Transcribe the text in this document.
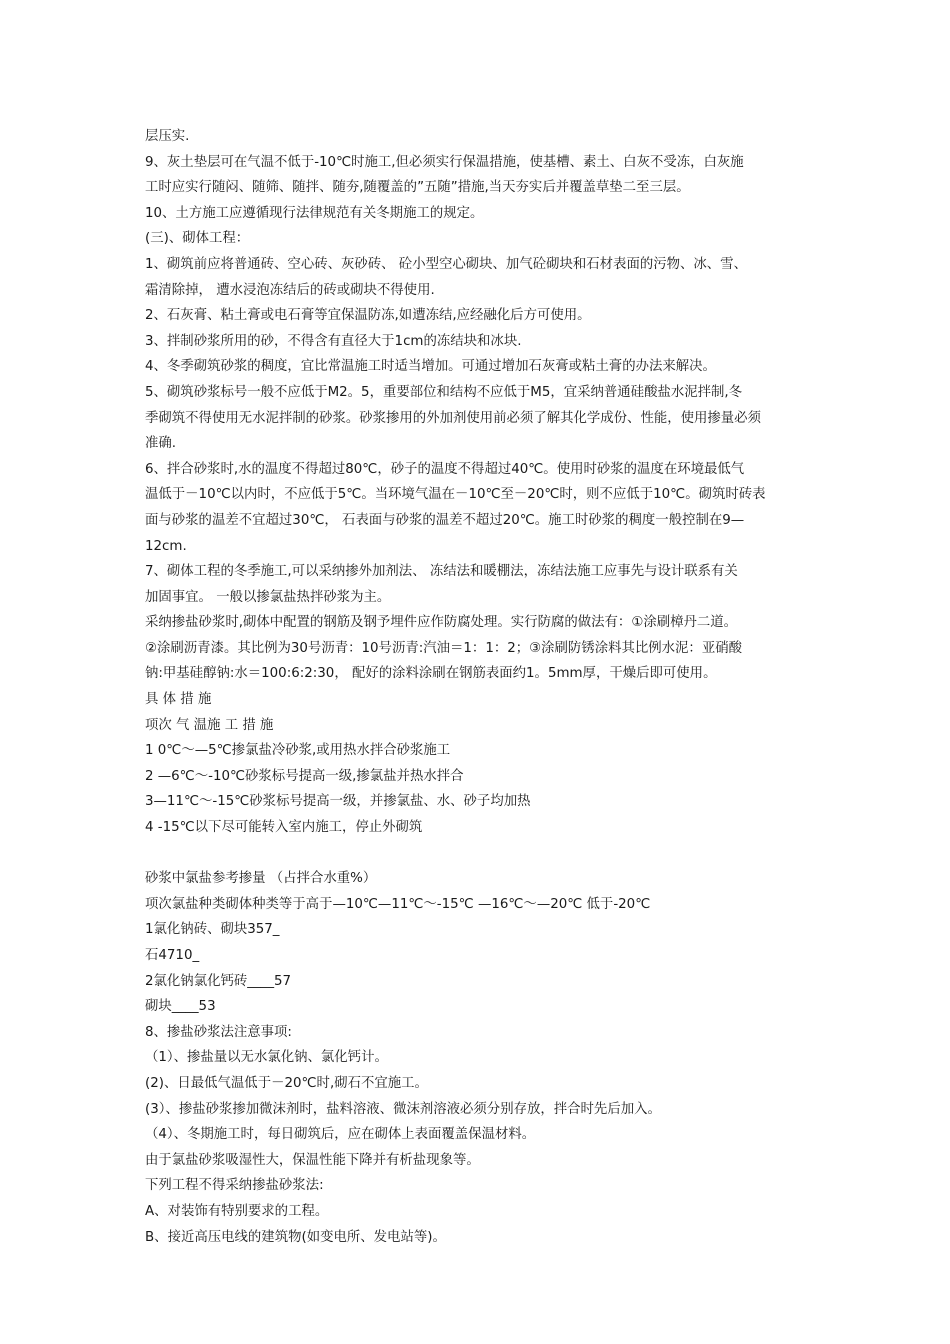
层压实.
9、灰土垫层可在气温不低于-10℃时施工,但必须实行保温措施，使基槽、素土、白灰不受冻，白灰施
工时应实行随闷、随筛、随拌、随夯,随覆盖的”五随”措施,当天夯实后并覆盖草垫二至三层。
10、土方施工应遵循现行法律规范有关冬期施工的规定。
(三)、砌体工程：
1、砌筑前应将普通砖、空心砖、灰砂砖、 砼小型空心砌块、加气砼砌块和石材表面的污物、冰、雪、
霜清除掉， 遭水浸泡冻结后的砖或砌块不得使用.
2、石灰膏、粘土膏或电石膏等宜保温防冻,如遭冻结,应经融化后方可使用。
3、拌制砂浆所用的砂，不得含有直径大于1cm的冻结块和冰块.
4、冬季砌筑砂浆的稠度，宜比常温施工时适当增加。可通过增加石灰膏或粘土膏的办法来解决。
5、砌筑砂浆标号一般不应低于M2。5，重要部位和结构不应低于M5，宜采纳普通硅酸盐水泥拌制,冬
季砌筑不得使用无水泥拌制的砂浆。砂浆掺用的外加剂使用前必须了解其化学成份、性能，使用掺量必须
准确.
6、拌合砂浆时,水的温度不得超过80℃，砂子的温度不得超过40℃。使用时砂浆的温度在环境最低气
温低于－10℃以内时，不应低于5℃。当环境气温在－10℃至－20℃时，则不应低于10℃。砌筑时砖表
面与砂浆的温差不宜超过30℃， 石表面与砂浆的温差不超过20℃。施工时砂浆的稠度一般控制在9—
12cm.
7、砌体工程的冬季施工,可以采纳掺外加剂法、 冻结法和暖棚法，冻结法施工应事先与设计联系有关
加固事宜。 一般以掺氯盐热拌砂浆为主。
采纳掺盐砂浆时,砌体中配置的钢筋及钢予埋件应作防腐处理。实行防腐的做法有：①涂刷樟丹二道。
②涂刷沥青漆。其比例为30号沥青：10号沥青:汽油＝1：1：2；③涂刷防锈涂料其比例水泥：亚硝酸
钠:甲基硅醇钠:水＝100:6:2:30， 配好的涂料涂刷在钢筋表面约1。5mm厚，干燥后即可使用。
具 体 措 施
项次 气 温施 工 措 施
1 0℃～—5℃掺氯盐冷砂浆,或用热水拌合砂浆施工
2 —6℃～-10℃砂浆标号提高一级,掺氯盐并热水拌合
3—11℃～-15℃砂浆标号提高一级，并掺氯盐、水、砂子均加热
4 -15℃以下尽可能转入室内施工，停止外砌筑
砂浆中氯盐参考掺量 （占拌合水重%）
项次氯盐种类砌体种类等于高于—10℃—11℃～-15℃ —16℃～—20℃ 低于-20℃
1氯化钠砖、砌块357_
石4710_
2氯化钠氯化钙砖____57
砌块____53
8、掺盐砂浆法注意事项:
（1）、掺盐量以无水氯化钠、氯化钙计。
(2)、日最低气温低于－20℃时,砌石不宜施工。
(3）、掺盐砂浆掺加微沫剂时，盐料溶液、微沫剂溶液必须分别存放，拌合时先后加入。
（4）、冬期施工时，每日砌筑后，应在砌体上表面覆盖保温材料。
由于氯盐砂浆吸湿性大，保温性能下降并有析盐现象等。
下列工程不得采纳掺盐砂浆法:
A、对装饰有特别要求的工程。
B、接近高压电线的建筑物(如变电所、发电站等)。
